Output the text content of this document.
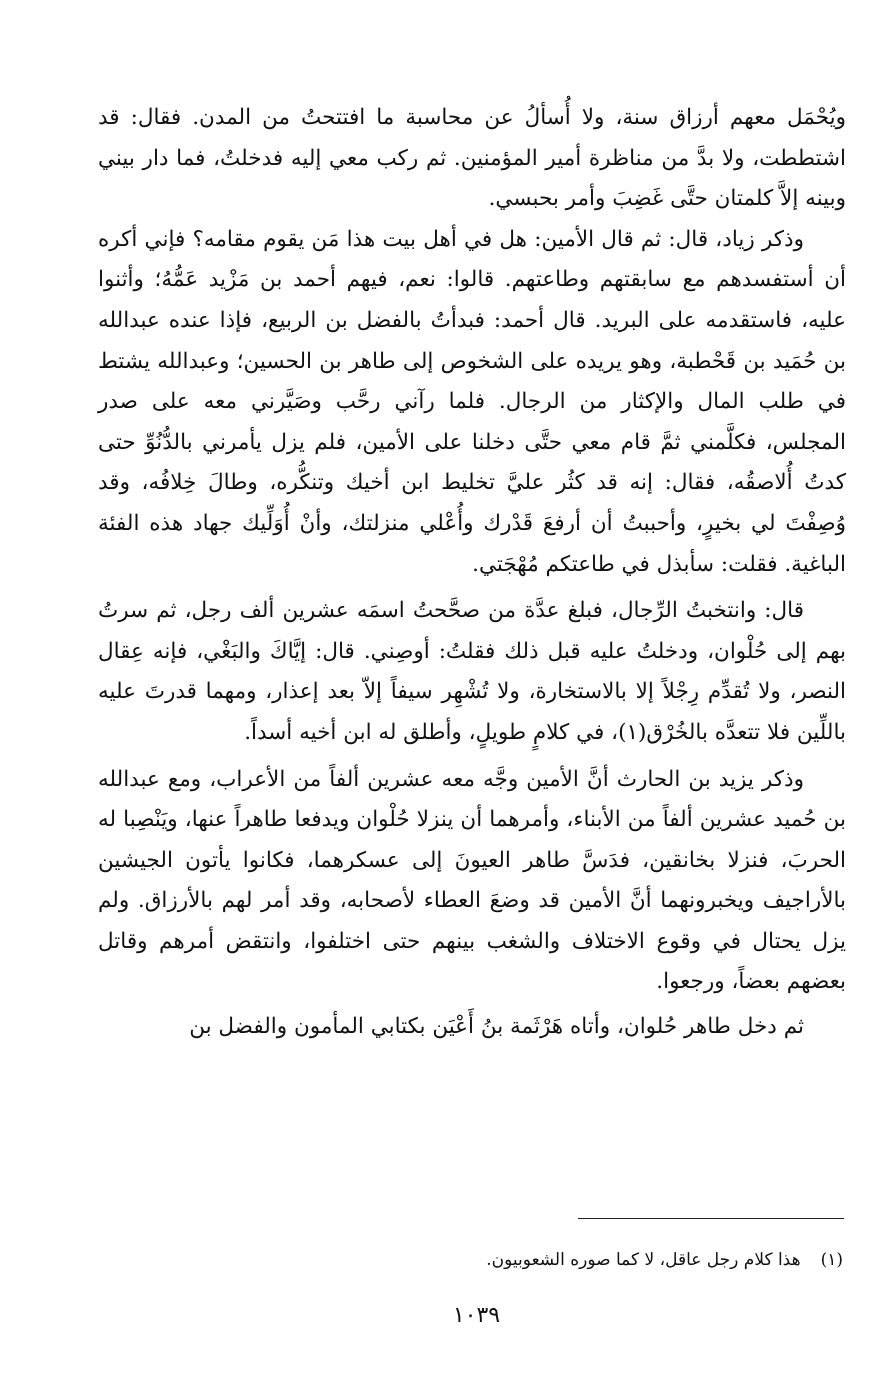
ويُحْمَل معهم أرزاق سنة، ولا أُسألُ عن محاسبة ما افتتحتُ من المدن. فقال: قد اشتططت، ولا بدَّ من مناظرة أمير المؤمنين. ثم ركب معي إليه فدخلتُ، فما دار بيني وبينه إلاَّ كلمتان حتَّى غَضِبَ وأمر بحبسي.

وذكر زياد، قال: ثم قال الأمين: هل في أهل بيت هذا مَن يقوم مقامه؟ فإني أكره أن أستفسدهم مع سابقتهم وطاعتهم. قالوا: نعم، فيهم أحمد بن مَزْيد عَمُّهُ؛ وأثنوا عليه، فاستقدمه على البريد. قال أحمد: فبدأتُ بالفضل بن الربيع، فإذا عنده عبدالله بن حُمَيد بن قَحْطبة، وهو يريده على الشخوص إلى طاهر بن الحسين؛ وعبدالله يشتط في طلب المال والإكثار من الرجال. فلما رآني رحَّب وصَيَّرني معه على صدر المجلس، فكلَّمني ثمَّ قام معي حتَّى دخلنا على الأمين، فلم يزل يأمرني بالدُّنُوِّ حتى كدتُ أُلاصقُه، فقال: إنه قد كثُر عليَّ تخليط ابن أخيك وتنكُّره، وطالَ خِلافُه، وقد وُصِفْتَ لي بخيرٍ، وأحببتُ أن أرفعَ قَدْرك وأُعْلي منزلتك، وأنْ أُوَلِّيك جهاد هذه الفئة الباغية. فقلت: سأبذل في طاعتكم مُهْجَتي.

قال: وانتخبتُ الرِّجال، فبلغ عدَّة من صحَّحتُ اسمَه عشرين ألف رجل، ثم سرتُ بهم إلى حُلْوان، ودخلتُ عليه قبل ذلك فقلتُ: أوصِني. قال: إيَّاكَ والبَغْي، فإنه عِقال النصر، ولا تُقدِّم رِجْلاً إلا بالاستخارة، ولا تُشْهِر سيفاً إلاّ بعد إعذار، ومهما قدرتَ عليه باللِّين فلا تتعدَّه بالخُرْق(١)، في كلامٍ طويلٍ، وأطلق له ابن أخيه أسداً.

وذكر يزيد بن الحارث أنَّ الأمين وجَّه معه عشرين ألفاً من الأعراب، ومع عبدالله بن حُميد عشرين ألفاً من الأبناء، وأمرهما أن ينزلا حُلْوان ويدفعا طاهراً عنها، ويَنْصِبا له الحربَ، فنزلا بخانقين، فدَسَّ طاهر العيونَ إلى عسكرهما، فكانوا يأتون الجيشين بالأراجيف ويخبرونهما أنَّ الأمين قد وضعَ العطاء لأصحابه، وقد أمر لهم بالأرزاق. ولم يزل يحتال في وقوع الاختلاف والشغب بينهم حتى اختلفوا، وانتقض أمرهم وقاتل بعضهم بعضاً، ورجعوا.

ثم دخل طاهر حُلوان، وأتاه هَرْثَمة بنُ أَعْيَن بكتابي المأمون والفضل بن

(١)هذا كلام رجل عاقل، لا كما صوره الشعوبيون.
١٠٣٩
